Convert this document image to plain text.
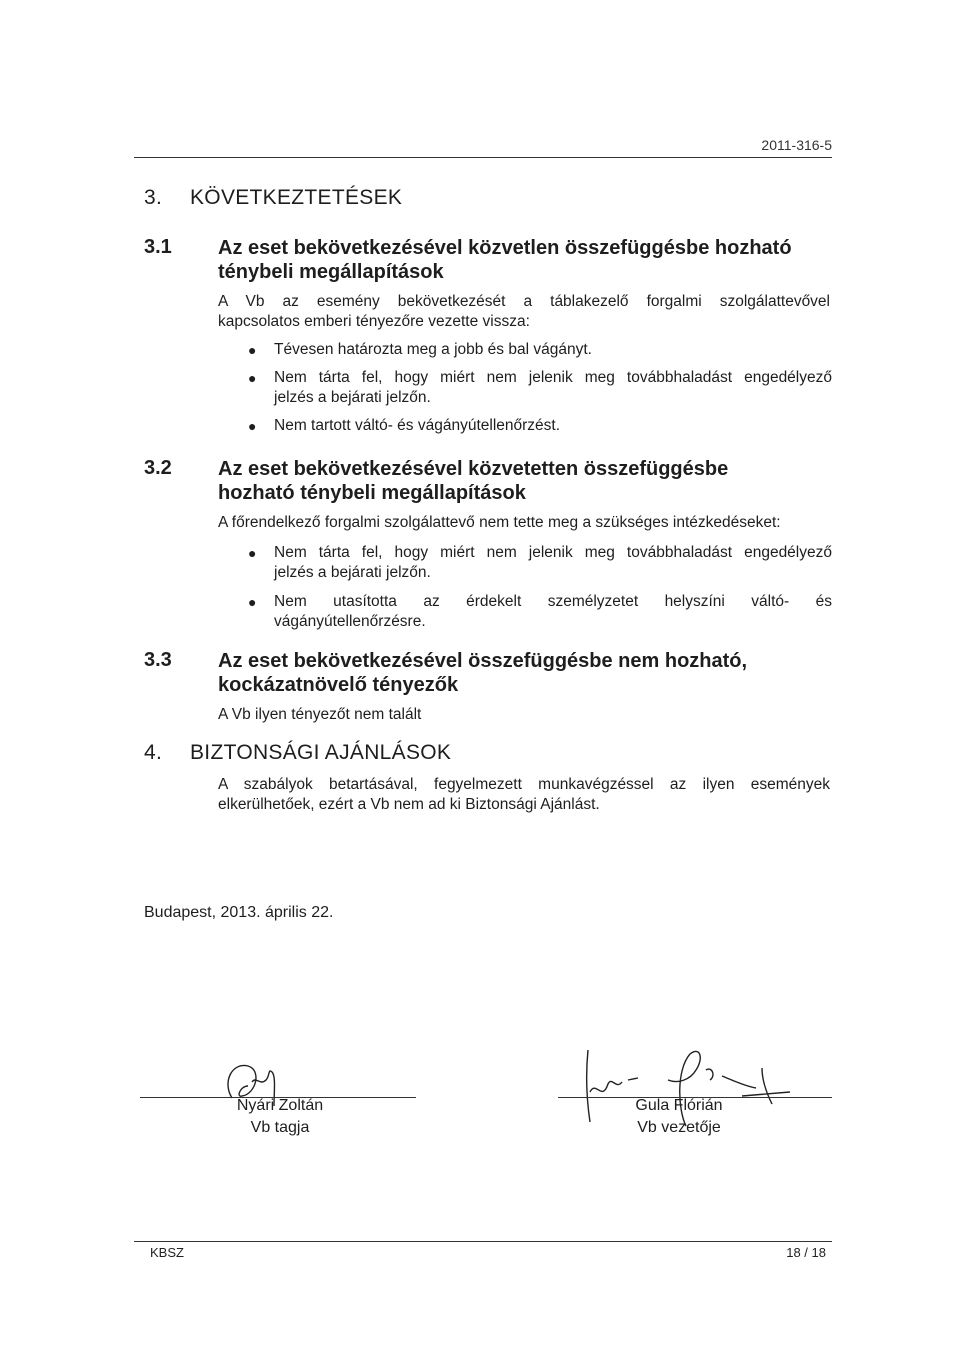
2011-316-5
3. KÖVETKEZTETÉSEK
3.1 Az eset bekövetkezésével közvetlen összefüggésbe hozható
ténybeli megállapítások
A Vb az esemény bekövetkezését a táblakezelő forgalmi szolgálattevővel
kapcsolatos emberi tényezőre vezette vissza:
● Tévesen határozta meg a jobb és bal vágányt.
● Nem tárta fel, hogy miért nem jelenik meg továbbhaladást engedélyező
jelzés a bejárati jelzőn.
● Nem tartott váltó- és vágányútellenőrzést.
3.2 Az eset bekövetkezésével közvetetten összefüggésbe
hozható ténybeli megállapítások
A főrendelkező forgalmi szolgálattevő nem tette meg a szükséges intézkedéseket:
● Nem tárta fel, hogy miért nem jelenik meg továbbhaladást engedélyező
jelzés a bejárati jelzőn.
● Nem utasította az érdekelt személyzetet helyszíni váltó- és
vágányútellenőrzésre.
3.3 Az eset bekövetkezésével összefüggésbe nem hozható,
kockázatnövelő tényezők
A Vb ilyen tényezőt nem talált
4. BIZTONSÁGI AJÁNLÁSOK
A szabályok betartásával, fegyelmezett munkavégzéssel az ilyen események
elkerülhetőek, ezért a Vb nem ad ki Biztonsági Ajánlást.
Budapest, 2013. április 22.
Nyári Zoltán
Vb tagja
Gula Flórián
Vb vezetője
KBSZ	18 / 18
